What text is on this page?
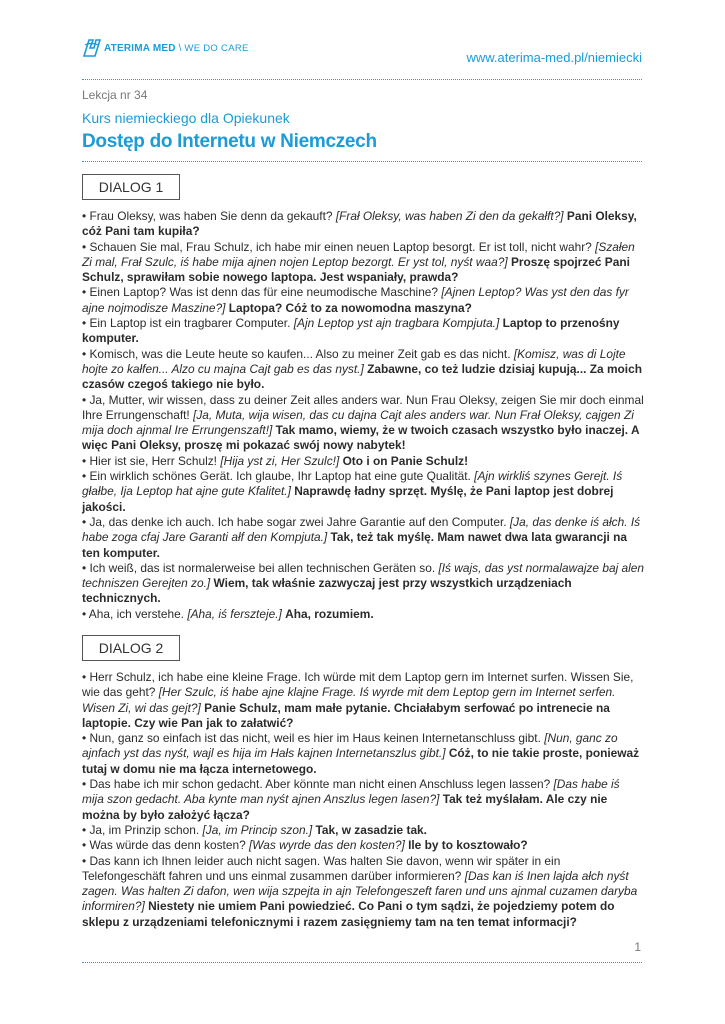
ATERIMA MED \ WE DO CARE
www.aterima-med.pl/niemiecki
Lekcja nr 34
Kurs niemieckiego dla Opiekunek
Dostęp do Internetu w Niemczech
DIALOG 1

• Frau Oleksy, was haben Sie denn da gekauft? [Frał Oleksy, was haben Zi den da gekałft?] Pani Oleksy, cóż Pani tam kupiła?

• Schauen Sie mal, Frau Schulz, ich habe mir einen neuen Laptop besorgt. Er ist toll, nicht wahr? [Szałen Zi mal, Frał Szulc, iś habe mija ajnen nojen Leptop bezorgt. Er yst tol, nyśt waa?] Proszę spojrzeć Pani Schulz, sprawiłam sobie nowego laptopa. Jest wspaniały, prawda?

• Einen Laptop? Was ist denn das für eine neumodische Maschine? [Ajnen Leptop? Was yst den das fyr ajne nojmodisze Maszine?] Laptopa? Cóż to za nowomodna maszyna?

• Ein Laptop ist ein tragbarer Computer. [Ajn Leptop yst ajn tragbara Kompjuta.] Laptop to przenośny komputer.

• Komisch, was die Leute heute so kaufen... Also zu meiner Zeit gab es das nicht. [Komisz, was di Lojte hojte zo kałfen... Alzo cu majna Cajt gab es das nyst.] Zabawne, co też ludzie dzisiaj kupują... Za moich czasów czegoś takiego nie było.

• Ja, Mutter, wir wissen, dass zu deiner Zeit alles anders war. Nun Frau Oleksy, zeigen Sie mir doch einmal Ihre Errungenschaft! [Ja, Muta, wija wisen, das cu dajna Cajt ales anders war. Nun Frał Oleksy, cajgen Zi mija doch ajnmal Ire Errungenszaft!] Tak mamo, wiemy, że w twoich czasach wszystko było inaczej. A więc Pani Oleksy, proszę mi pokazać swój nowy nabytek!

• Hier ist sie, Herr Schulz! [Hija yst zi, Her Szulc!] Oto i on Panie Schulz!

• Ein wirklich schönes Gerät. Ich glaube, Ihr Laptop hat eine gute Qualität. [Ajn wirkliś szynes Gerejt. Iś głałbe, Ija Leptop hat ajne gute Kfalitet.] Naprawdę ładny sprzęt. Myślę, że Pani laptop jest dobrej jakości.

• Ja, das denke ich auch. Ich habe sogar zwei Jahre Garantie auf den Computer. [Ja, das denke iś ałch. Iś habe zoga cfaj Jare Garanti ałf den Kompjuta.] Tak, też tak myślę. Mam nawet dwa lata gwarancji na ten komputer.

• Ich weiß, das ist normalerweise bei allen technischen Geräten so. [Iś wajs, das yst normalawajze baj alen techniszen Gerejten zo.] Wiem, tak właśnie zazwyczaj jest przy wszystkich urządzeniach technicznych.

• Aha, ich verstehe. [Aha, iś ferszteje.] Aha, rozumiem.

DIALOG 2

• Herr Schulz, ich habe eine kleine Frage. Ich würde mit dem Laptop gern im Internet surfen. Wissen Sie, wie das geht? [Her Szulc, iś habe ajne klajne Frage. Iś wyrde mit dem Leptop gern im Internet serfen. Wisen Zi, wi das gejt?] Panie Schulz, mam małe pytanie. Chciałabym serfować po intrenecie na laptopie. Czy wie Pan jak to załatwić?

• Nun, ganz so einfach ist das nicht, weil es hier im Haus keinen Internetanschluss gibt. [Nun, ganc zo ajnfach yst das nyśt, wajl es hija im Hałs kajnen Internetanszlus gibt.] Cóż, to nie takie proste, ponieważ tutaj w domu nie ma łącza internetowego.

• Das habe ich mir schon gedacht. Aber könnte man nicht einen Anschluss legen lassen? [Das habe iś mija szon gedacht. Aba kynte man nyśt ajnen Anszlus legen lasen?] Tak też myślałam. Ale czy nie można by było założyć łącza?

• Ja, im Prinzip schon. [Ja, im Princip szon.] Tak, w zasadzie tak.

• Was würde das denn kosten? [Was wyrde das den kosten?] Ile by to kosztowało?

• Das kann ich Ihnen leider auch nicht sagen. Was halten Sie davon, wenn wir später in ein Telefongeschäft fahren und uns einmal zusammen darüber informieren? [Das kan iś Inen lajda ałch nyśt zagen. Was halten Zi dafon, wen wija szpejta in ajn Telefongeszeft faren und uns ajnmal cuzamen daryba informiren?] Niestety nie umiem Pani powiedzieć. Co Pani o tym sądzi, że pojedziemy potem do sklepu z urządzeniami telefonicznymi i razem zasięgniemy tam na ten temat informacji?

1
